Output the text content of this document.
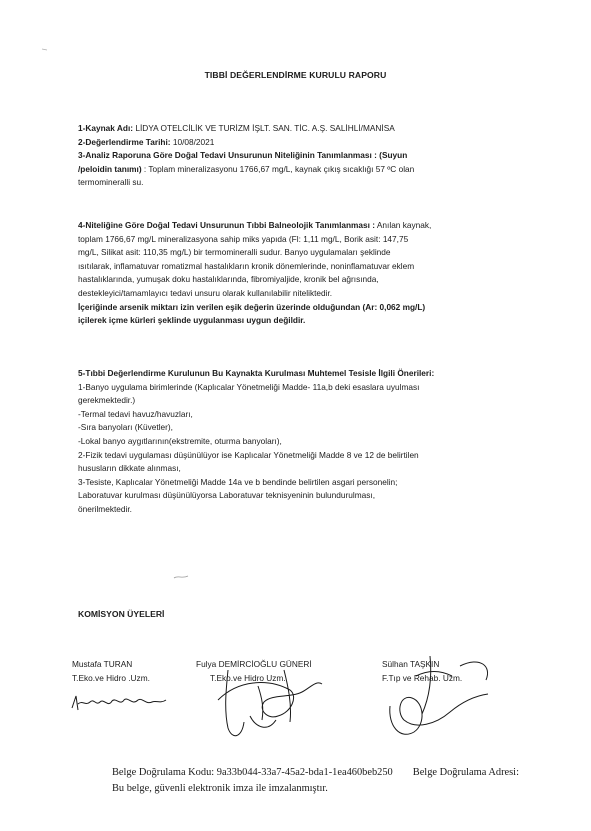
TIBBİ DEĞERLENDİRME KURULU RAPORU
1-Kaynak Adı: LİDYA OTELCİLİK VE TURİZM İŞLT. SAN. TİC. A.Ş. SALİHLİ/MANİSA
2-Değerlendirme Tarihi: 10/08/2021
3-Analiz Raporuna Göre Doğal Tedavi Unsurunun Niteliğinin Tanımlanması : (Suyun
/peloidin tanımı) : Toplam mineralizasyonu 1766,67 mg/L, kaynak çıkış sıcaklığı 57 ºC olan
termomineralli su.
4-Niteliğine Göre Doğal Tedavi Unsurunun Tıbbi Balneolojik Tanımlanması : Anılan kaynak,
toplam 1766,67 mg/L mineralizasyona sahip miks yapıda (Fl: 1,11 mg/L, Borik asit: 147,75
mg/L, Silikat asit: 110,35 mg/L) bir termomineralli sudur. Banyo uygulamaları şeklinde
ısıtılarak, inflamatuvar romatizmal hastalıkların kronik dönemlerinde, noninflamatuvar eklem
hastalıklarında, yumuşak doku hastalıklarında, fibromiyaljide, kronik bel ağrısında,
destekleyici/tamamlayıcı tedavi unsuru olarak kullanılabilir niteliktedir.
İçeriğinde arsenik miktarı izin verilen eşik değerin üzerinde olduğundan (Ar: 0,062 mg/L)
içilerek içme kürleri şeklinde uygulanması uygun değildir.
5-Tıbbi Değerlendirme Kurulunun Bu Kaynakta Kurulması Muhtemel Tesisle İlgili Önerileri:
1-Banyo uygulama birimlerinde (Kaplıcalar Yönetmeliği Madde- 11a,b deki esaslara uyulması
gerekmektedir.)
-Termal tedavi havuz/havuzları,
-Sıra banyoları (Küvetler),
-Lokal banyo aygıtlarının(ekstremite, oturma banyoları),
2-Fizik tedavi uygulaması düşünülüyor ise Kaplıcalar Yönetmeliği Madde 8 ve 12 de belirtilen
hususların dikkate alınması,
3-Tesiste, Kaplıcalar Yönetmeliği Madde 14a ve b bendinde belirtilen asgari personelin;
Laboratuvar kurulması düşünülüyorsa Laboratuvar teknisyeninin bulundurulması,
önerilmektedir.
KOMİSYON ÜYELERİ
Mustafa TURAN
T.Eko.ve Hidro .Uzm.
Fulya DEMİRCİOĞLU GÜNERİ
T.Eko.ve Hidro Uzm.
Sülhan TAŞKIN
F.Tıp ve Rehab. Uzm.
Belge Doğrulama Kodu: 9a33b044-33a7-45a2-bda1-1ea460beb250 Belge Doğrulama Adresi:
Bu belge, güvenli elektronik imza ile imzalanmıştır.
